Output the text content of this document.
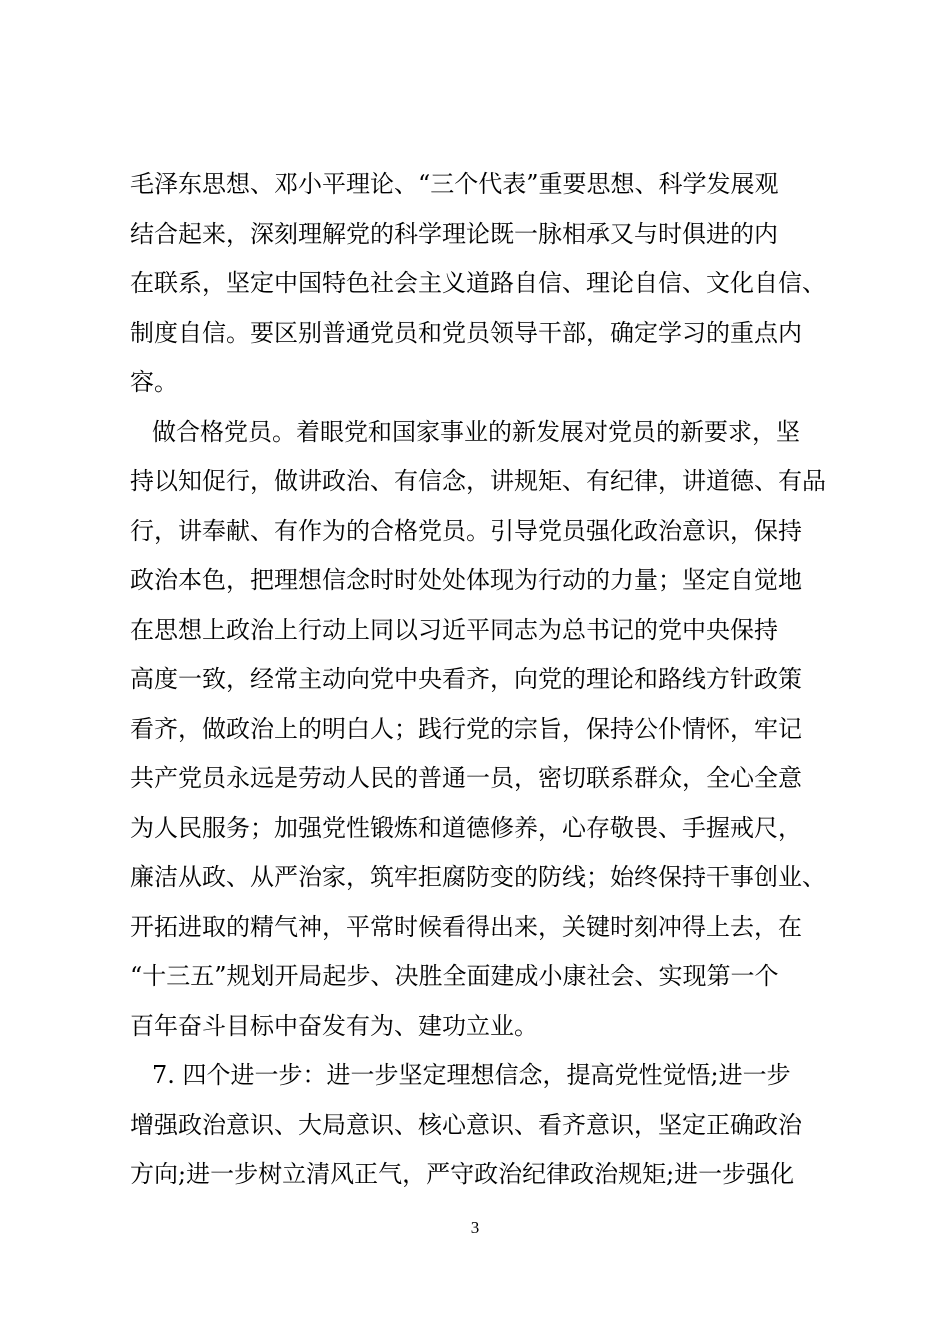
毛泽东思想、邓小平理论、“三个代表”重要思想、科学发展观
结合起来，深刻理解党的科学理论既一脉相承又与时俱进的内
在联系，坚定中国特色社会主义道路自信、理论自信、文化自信、
制度自信。要区别普通党员和党员领导干部，确定学习的重点内
容。
做合格党员。着眼党和国家事业的新发展对党员的新要求，坚
持以知促行，做讲政治、有信念，讲规矩、有纪律，讲道德、有品
行，讲奉献、有作为的合格党员。引导党员强化政治意识，保持
政治本色，把理想信念时时处处体现为行动的力量；坚定自觉地
在思想上政治上行动上同以习近平同志为总书记的党中央保持
高度一致，经常主动向党中央看齐，向党的理论和路线方针政策
看齐，做政治上的明白人；践行党的宗旨，保持公仆情怀，牢记
共产党员永远是劳动人民的普通一员，密切联系群众，全心全意
为人民服务；加强党性锻炼和道德修养，心存敬畏、手握戒尺，
廉洁从政、从严治家，筑牢拒腐防变的防线；始终保持干事创业、
开拓进取的精气神，平常时候看得出来，关键时刻冲得上去，在
“十三五”规划开局起步、决胜全面建成小康社会、实现第一个
百年奋斗目标中奋发有为、建功立业。
7. 四个进一步：进一步坚定理想信念，提高党性觉悟;进一步
增强政治意识、大局意识、核心意识、看齐意识，坚定正确政治
方向;进一步树立清风正气，严守政治纪律政治规矩;进一步强化
3
